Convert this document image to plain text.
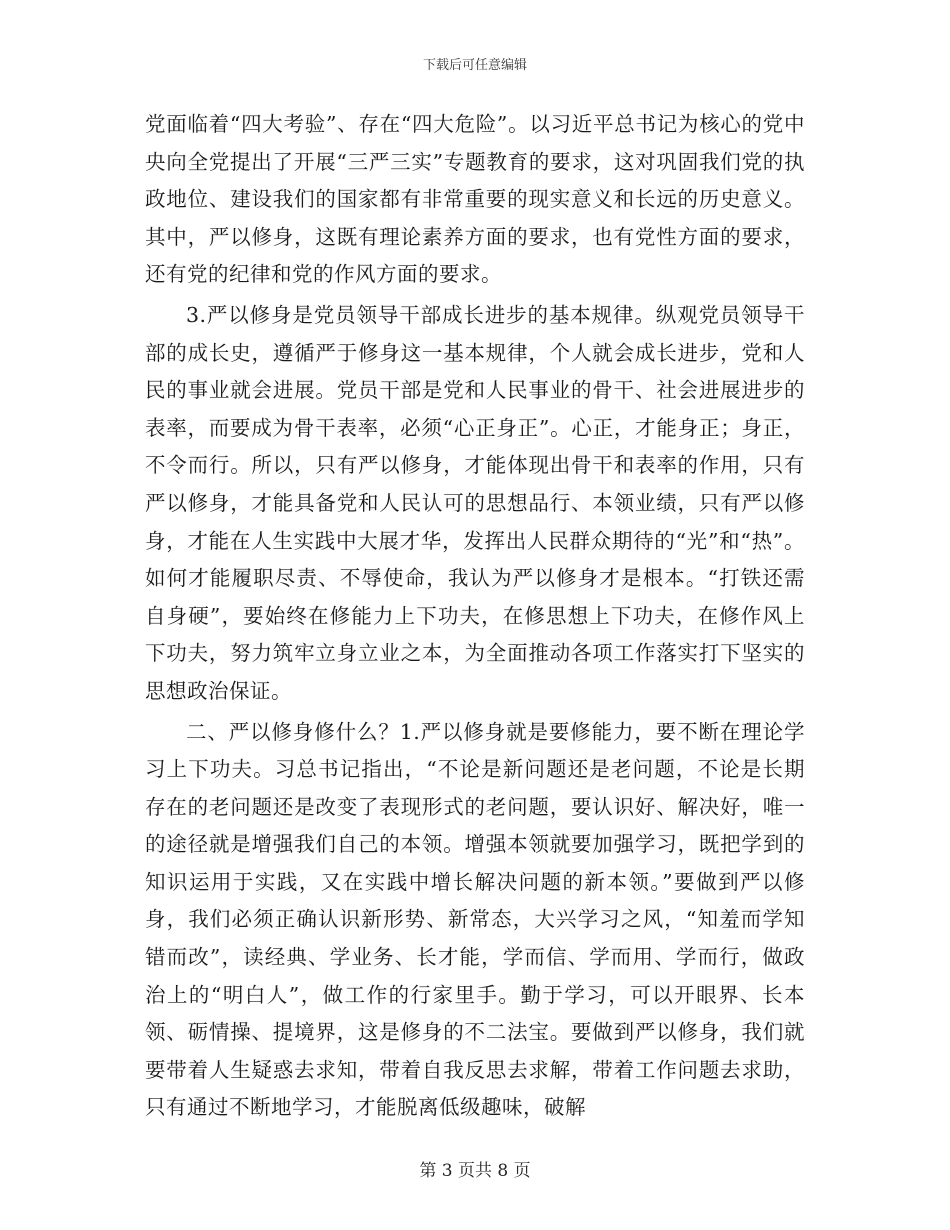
下载后可任意编辑

党面临着“四大考验”、存在“四大危险”。以习近平总书记为核心的党中央向全党提出了开展“三严三实”专题教育的要求，这对巩固我们党的执政地位、建设我们的国家都有非常重要的现实意义和长远的历史意义。其中，严以修身，这既有理论素养方面的要求，也有党性方面的要求，还有党的纪律和党的作风方面的要求。

3.严以修身是党员领导干部成长进步的基本规律。纵观党员领导干部的成长史，遵循严于修身这一基本规律，个人就会成长进步，党和人民的事业就会进展。党员干部是党和人民事业的骨干、社会进展进步的表率，而要成为骨干表率，必须“心正身正”。心正，才能身正；身正，不令而行。所以，只有严以修身，才能体现出骨干和表率的作用，只有严以修身，才能具备党和人民认可的思想品行、本领业绩，只有严以修身，才能在人生实践中大展才华，发挥出人民群众期待的“光”和“热”。如何才能履职尽责、不辱使命，我认为严以修身才是根本。“打铁还需自身硬”，要始终在修能力上下功夫，在修思想上下功夫，在修作风上下功夫，努力筑牢立身立业之本，为全面推动各项工作落实打下坚实的思想政治保证。

二、严以修身修什么？1.严以修身就是要修能力，要不断在理论学习上下功夫。习总书记指出，“不论是新问题还是老问题，不论是长期存在的老问题还是改变了表现形式的老问题，要认识好、解决好，唯一的途径就是增强我们自己的本领。增强本领就要加强学习，既把学到的知识运用于实践，又在实践中增长解决问题的新本领。”要做到严以修身，我们必须正确认识新形势、新常态，大兴学习之风，“知羞而学知错而改”，读经典、学业务、长才能，学而信、学而用、学而行，做政治上的“明白人”，做工作的行家里手。勤于学习，可以开眼界、长本领、砺情操、提境界，这是修身的不二法宝。要做到严以修身，我们就要带着人生疑惑去求知，带着自我反思去求解，带着工作问题去求助，只有通过不断地学习，才能脱离低级趣味，破解

第 3 页共 8 页
